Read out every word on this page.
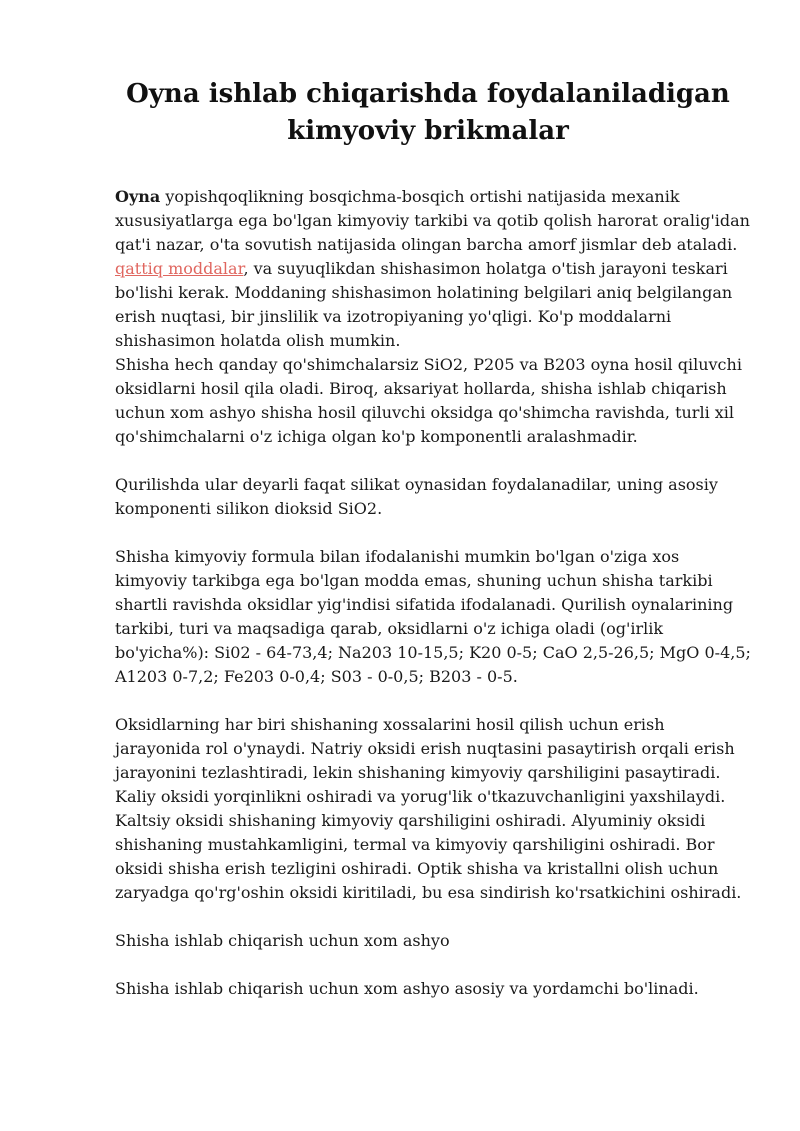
Oyna ishlab chiqarishda foydalaniladigan kimyoviy brikmalar

Oyna yopishqoqlikning bosqichma-bosqich ortishi natijasida mexanik xususiyatlarga ega bo'lgan kimyoviy tarkibi va qotib qolish harorat oralig'idan qat'i nazar, o'ta sovutish natijasida olingan barcha amorf jismlar deb ataladi. qattiq moddalar, va suyuqlikdan shishasimon holatga o'tish jarayoni teskari bo'lishi kerak. Moddaning shishasimon holatining belgilari aniq belgilangan erish nuqtasi, bir jinslilik va izotropiyaning yo'qligi. Ko'p moddalarni shishasimon holatda olish mumkin.

Shisha hech qanday qo'shimchalarsiz SiO2, P205 va B203 oyna hosil qiluvchi oksidlarni hosil qila oladi. Biroq, aksariyat hollarda, shisha ishlab chiqarish uchun xom ashyo shisha hosil qiluvchi oksidga qo'shimcha ravishda, turli xil qo'shimchalarni o'z ichiga olgan ko'p komponentli aralashmadir.

Qurilishda ular deyarli faqat silikat oynasidan foydalanadilar, uning asosiy komponenti silikon dioksid SiO2.

Shisha kimyoviy formula bilan ifodalanishi mumkin bo'lgan o'ziga xos kimyoviy tarkibga ega bo'lgan modda emas, shuning uchun shisha tarkibi shartli ravishda oksidlar yig'indisi sifatida ifodalanadi. Qurilish oynalarining tarkibi, turi va maqsadiga qarab, oksidlarni o'z ichiga oladi (og'irlik bo'yicha%): Si02 - 64-73,4; Na203 10-15,5; K20 0-5; CaO 2,5-26,5; MgO 0-4,5; A1203 0-7,2; Fe203 0-0,4; S03 - 0-0,5; B203 - 0-5.

Oksidlarning har biri shishaning xossalarini hosil qilish uchun erish jarayonida rol o'ynaydi. Natriy oksidi erish nuqtasini pasaytirish orqali erish jarayonini tezlashtiradi, lekin shishaning kimyoviy qarshiligini pasaytiradi. Kaliy oksidi yorqinlikni oshiradi va yorug'lik o'tkazuvchanligini yaxshilaydi. Kaltsiy oksidi shishaning kimyoviy qarshiligini oshiradi. Alyuminiy oksidi shishaning mustahkamligini, termal va kimyoviy qarshiligini oshiradi. Bor oksidi shisha erish tezligini oshiradi. Optik shisha va kristallni olish uchun zaryadga qo'rg'oshin oksidi kiritiladi, bu esa sindirish ko'rsatkichini oshiradi.

Shisha ishlab chiqarish uchun xom ashyo

Shisha ishlab chiqarish uchun xom ashyo asosiy va yordamchi bo'linadi.
